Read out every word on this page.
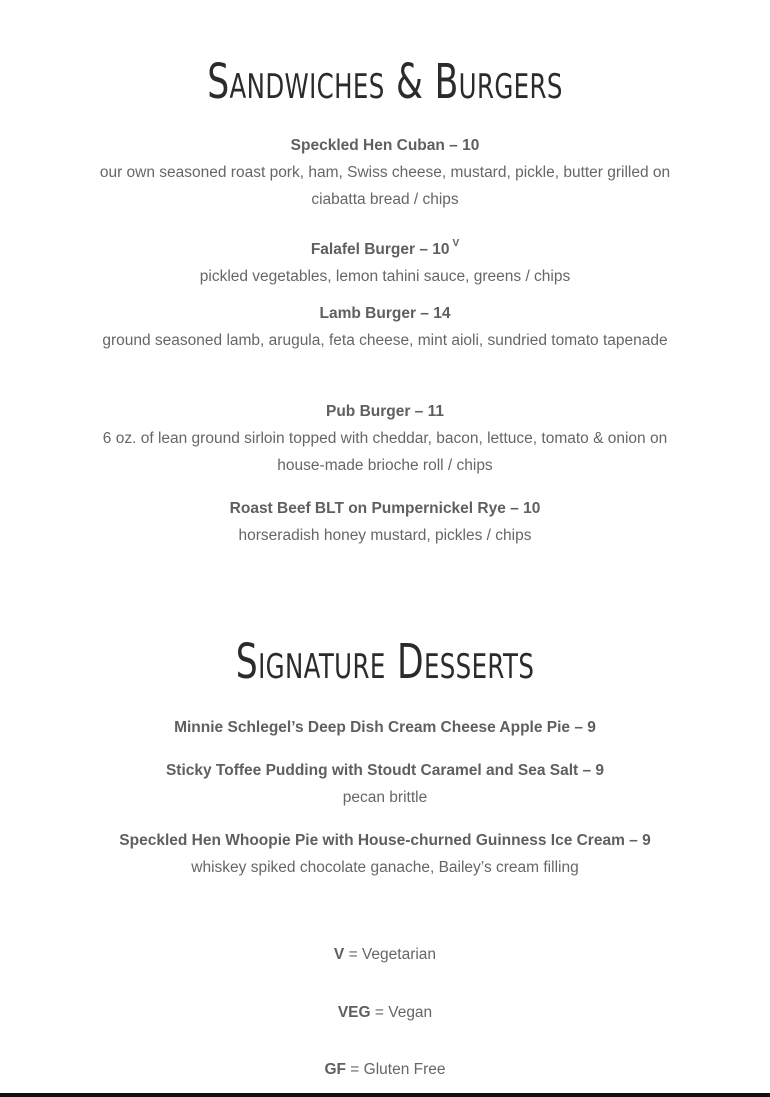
Sandwiches & Burgers
Speckled Hen Cuban – 10
our own seasoned roast pork, ham, Swiss cheese, mustard, pickle, butter grilled on ciabatta bread / chips
Falafel Burger – 10 $^V$
pickled vegetables, lemon tahini sauce, greens / chips
Lamb Burger – 14
ground seasoned lamb, arugula, feta cheese, mint aioli, sundried tomato tapenade
Pub Burger – 11
6 oz. of lean ground sirloin topped with cheddar, bacon, lettuce, tomato & onion on house-made brioche roll / chips
Roast Beef BLT on Pumpernickel Rye – 10
horseradish honey mustard, pickles / chips
Signature Desserts
Minnie Schlegel’s Deep Dish Cream Cheese Apple Pie – 9
Sticky Toffee Pudding with Stoudt Caramel and Sea Salt – 9
pecan brittle
Speckled Hen Whoopie Pie with House-churned Guinness Ice Cream – 9
whiskey spiked chocolate ganache, Bailey’s cream filling
V = Vegetarian
VEG = Vegan
GF = Gluten Free
